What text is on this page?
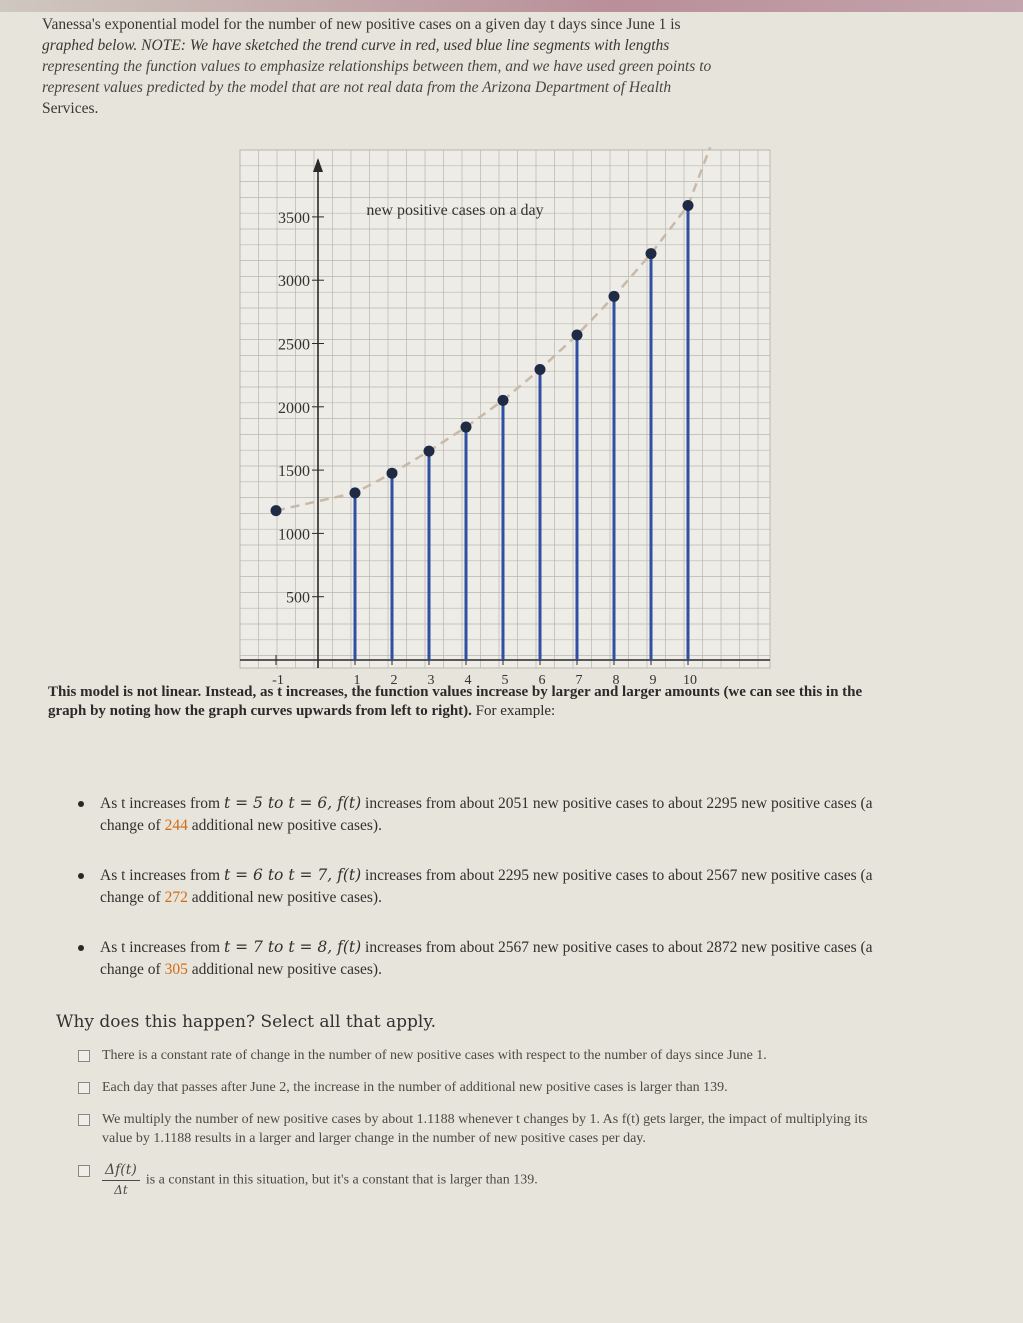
Vanessa's exponential model for the number of new positive cases on a given day t days since June 1 is
graphed below. NOTE: We have sketched the trend curve in red, used blue line segments with lengths
representing the function values to emphasize relationships between them, and we have used green points to
represent values predicted by the model that are not real data from the Arizona Department of Health
Services.
500
1000
1500
2000
2500
3000
3500
-1	1 2 3 4 5 6 7 8 9 10
new positive cases on a day
This model is not linear. Instead, as t increases, the function values increase by larger and larger amounts (we can see this in the graph by noting how the graph curves upwards from left to right). For example:
As t increases from t = 5 to t = 6, f(t) increases from about 2051 new positive cases to about 2295 new positive cases (a change of 244 additional new positive cases).
As t increases from t = 6 to t = 7, f(t) increases from about 2295 new positive cases to about 2567 new positive cases (a change of 272 additional new positive cases).
As t increases from t = 7 to t = 8, f(t) increases from about 2567 new positive cases to about 2872 new positive cases (a change of 305 additional new positive cases).
Why does this happen? Select all that apply.
There is a constant rate of change in the number of new positive cases with respect to the number of days since June 1.
Each day that passes after June 2, the increase in the number of additional new positive cases is larger than 139.
We multiply the number of new positive cases by about 1.1188 whenever t changes by 1. As f(t) gets larger, the impact of multiplying its value by 1.1188 results in a larger and larger change in the number of new positive cases per day.
$\frac{\Delta f(t)}{\Delta t}$ is a constant in this situation, but it's a constant that is larger than 139.
